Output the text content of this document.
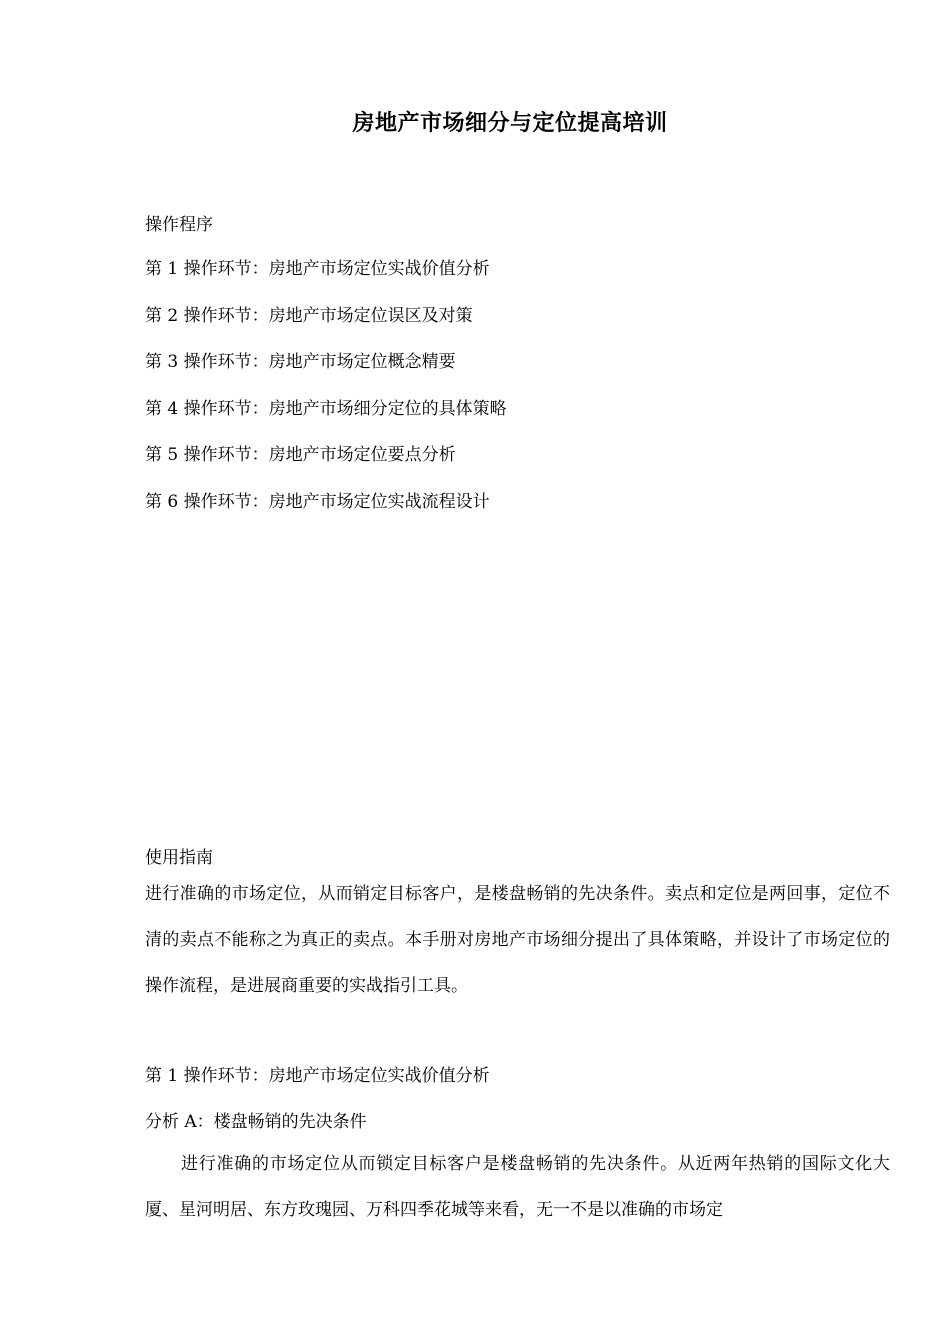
房地产市场细分与定位提高培训
操作程序
第 1 操作环节：房地产市场定位实战价值分析
第 2 操作环节：房地产市场定位误区及对策
第 3 操作环节：房地产市场定位概念精要
第 4 操作环节：房地产市场细分定位的具体策略
第 5 操作环节：房地产市场定位要点分析
第 6 操作环节：房地产市场定位实战流程设计
使用指南
进行准确的市场定位，从而销定目标客户，是楼盘畅销的先决条件。卖点和定位是两回事，定位不清的卖点不能称之为真正的卖点。本手册对房地产市场细分提出了具体策略，并设计了市场定位的操作流程，是进展商重要的实战指引工具。
第 1 操作环节：房地产市场定位实战价值分析
分析 A：楼盘畅销的先决条件
进行准确的市场定位从而锁定目标客户是楼盘畅销的先决条件。从近两年热销的国际文化大厦、星河明居、东方玫瑰园、万科四季花城等来看，无一不是以准确的市场定
